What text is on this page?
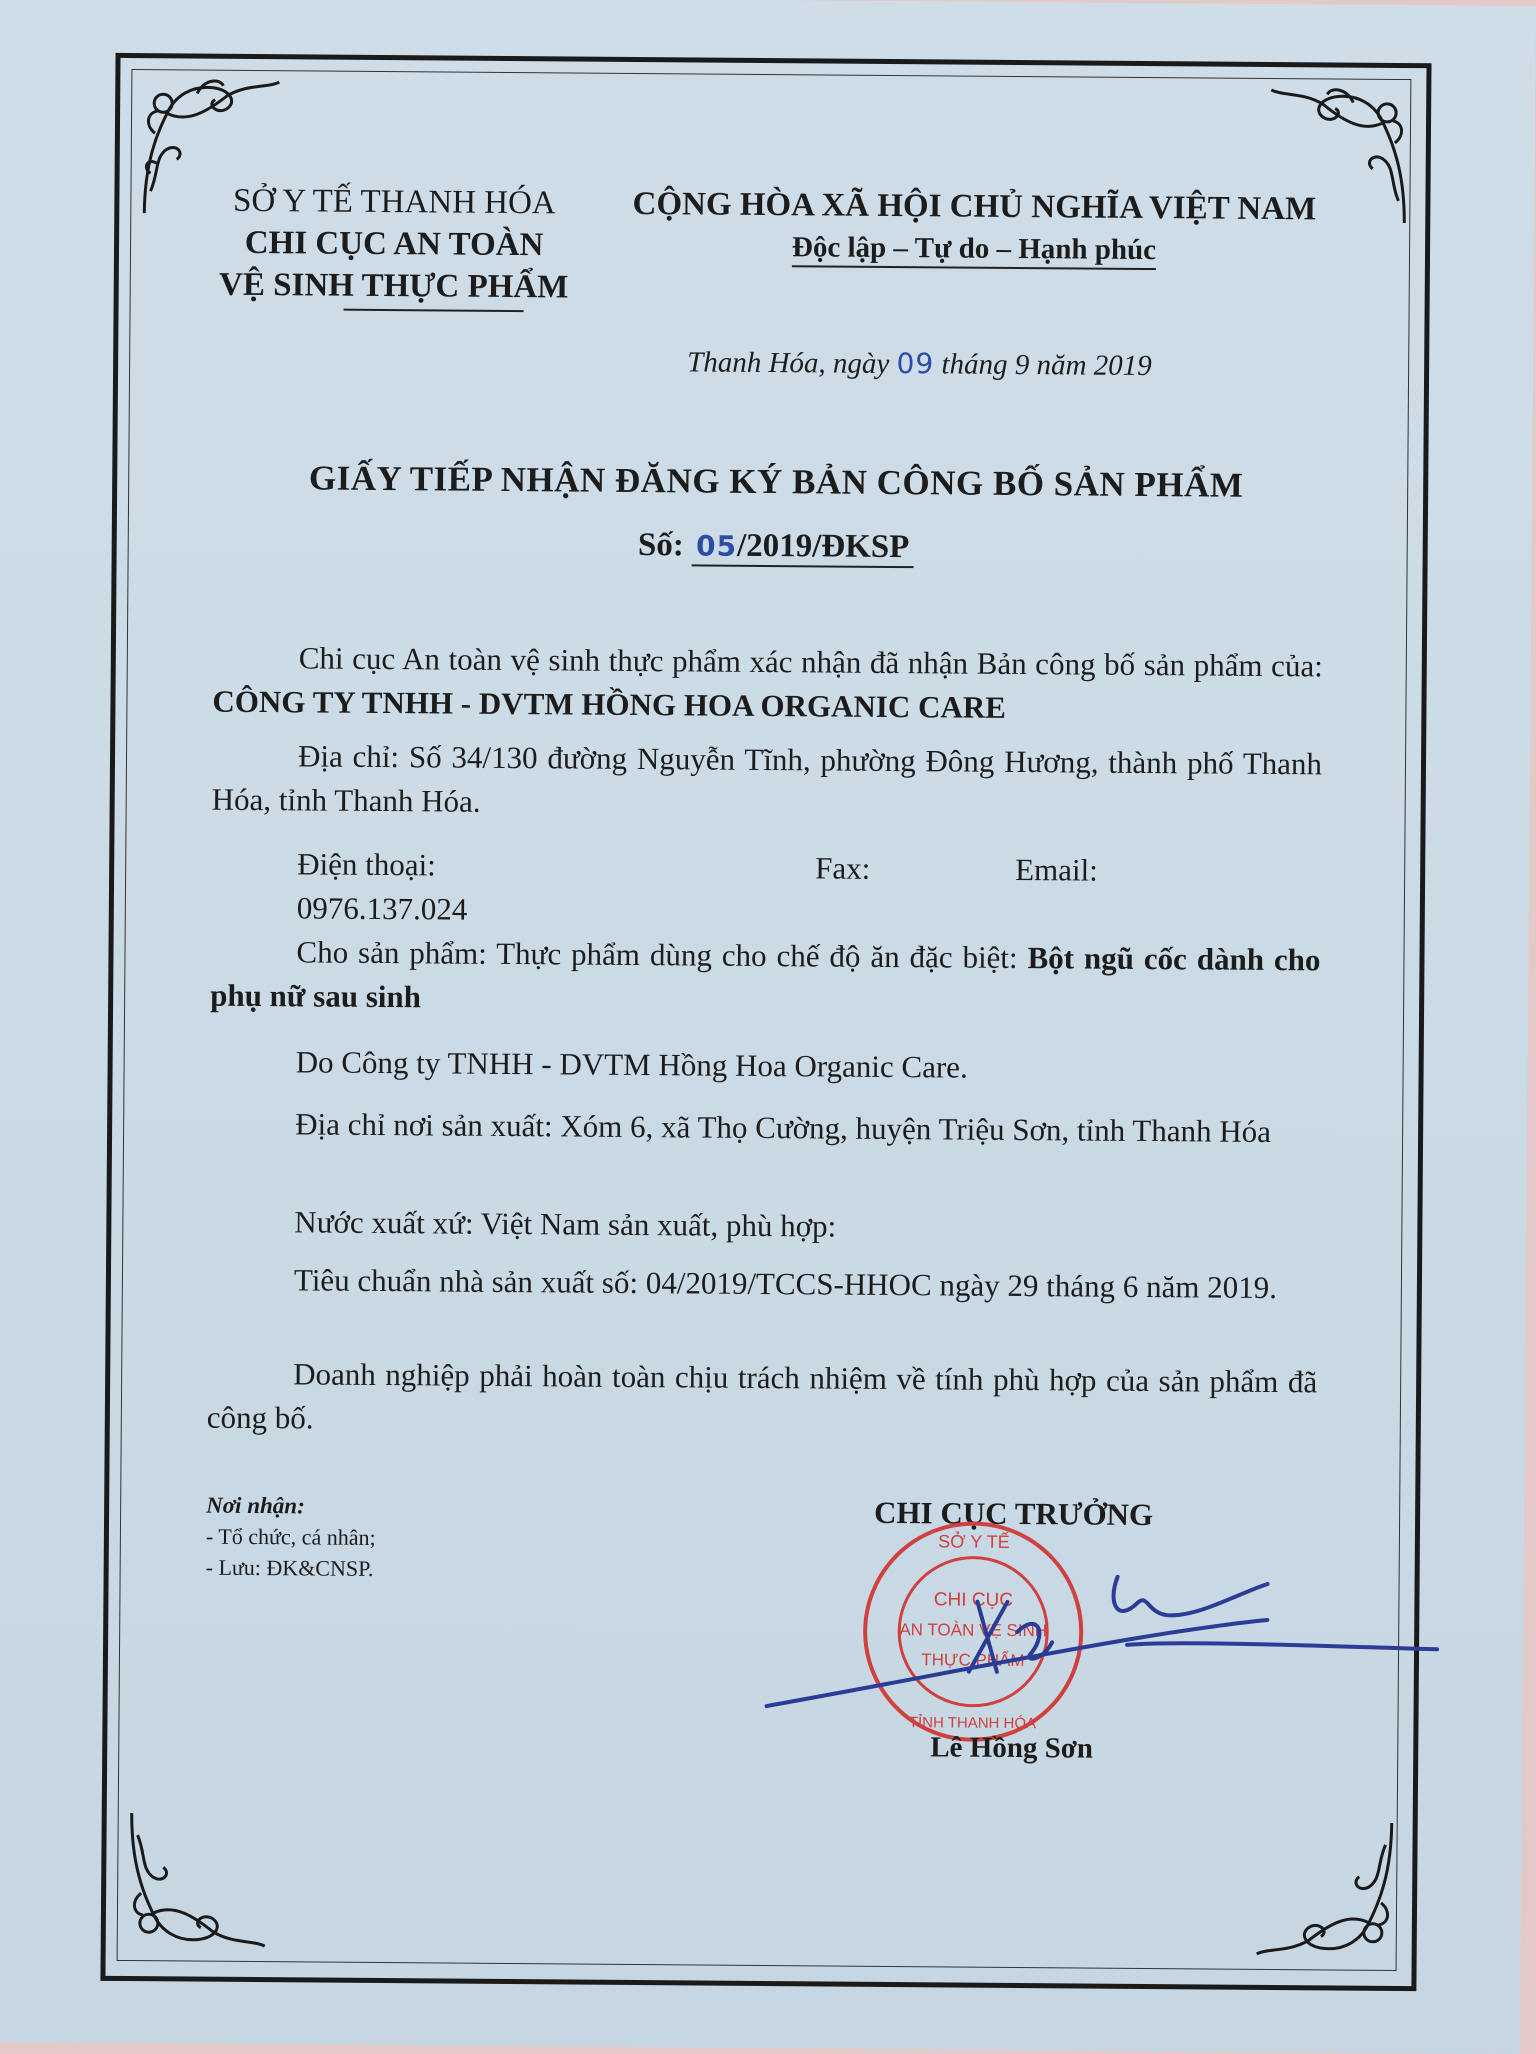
SỞ Y TẾ THANH HÓA
CHI CỤC AN TOÀN
VỆ SINH THỰC PHẨM
CỘNG HÒA XÃ HỘI CHỦ NGHĨA VIỆT NAM
Độc lập – Tự do – Hạnh phúc
Thanh Hóa, ngày 09 tháng 9 năm 2019
GIẤY TIẾP NHẬN ĐĂNG KÝ BẢN CÔNG BỐ SẢN PHẨM
Số: 05/2019/ĐKSP
Chi cục An toàn vệ sinh thực phẩm xác nhận đã nhận Bản công bố sản phẩm của: CÔNG TY TNHH - DVTM HỒNG HOA ORGANIC CARE
Địa chỉ: Số 34/130 đường Nguyễn Tĩnh, phường Đông Hương, thành phố Thanh Hóa, tỉnh Thanh Hóa.
Điện thoại: 0976.137.024
Fax:	Email:
Cho sản phẩm: Thực phẩm dùng cho chế độ ăn đặc biệt: Bột ngũ cốc dành cho phụ nữ sau sinh
Do Công ty TNHH - DVTM Hồng Hoa Organic Care.
Địa chỉ nơi sản xuất: Xóm 6, xã Thọ Cường, huyện Triệu Sơn, tỉnh Thanh Hóa
Nước xuất xứ: Việt Nam sản xuất, phù hợp:
Tiêu chuẩn nhà sản xuất số: 04/2019/TCCS-HHOC ngày 29 tháng 6 năm 2019.
Doanh nghiệp phải hoàn toàn chịu trách nhiệm về tính phù hợp của sản phẩm đã công bố.
Nơi nhận:
- Tổ chức, cá nhân;
- Lưu: ĐK&CNSP.
CHI CỤC TRƯỞNG
SỞ Y TẾ
CHI CỤC
AN TOÀN VỆ SINH
THỰC PHẨM
TỈNH THANH HÓA
Lê Hồng Sơn
